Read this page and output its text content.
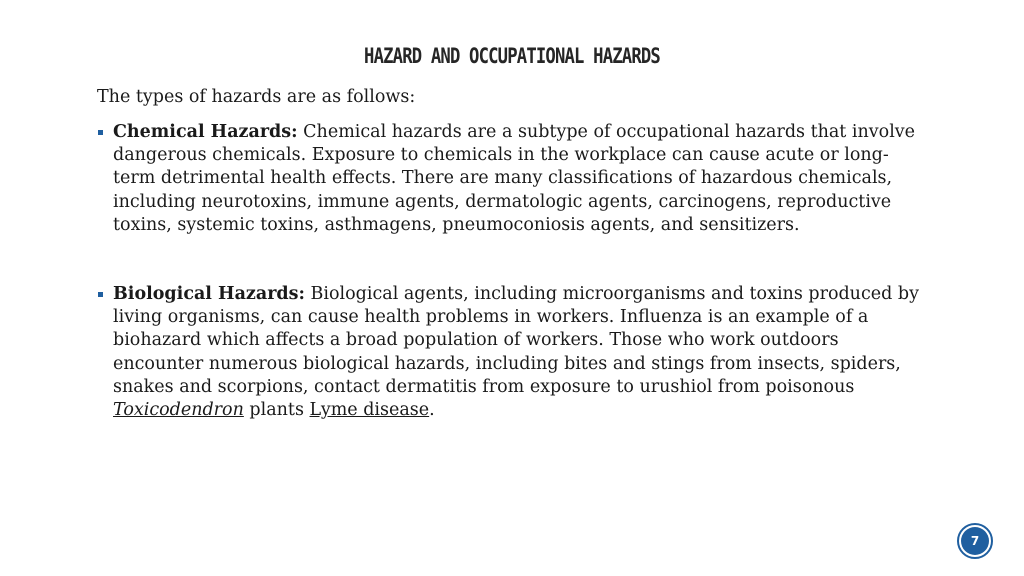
HAZARD AND OCCUPATIONAL HAZARDS
The types of hazards are as follows:
Chemical Hazards: Chemical hazards are a subtype of occupational hazards that involve dangerous chemicals. Exposure to chemicals in the workplace can cause acute or long-term detrimental health effects. There are many classifications of hazardous chemicals, including neurotoxins, immune agents, dermatologic agents, carcinogens, reproductive toxins, systemic toxins, asthmagens, pneumoconiosis agents, and sensitizers.
Biological Hazards: Biological agents, including microorganisms and toxins produced by living organisms, can cause health problems in workers. Influenza is an example of a biohazard which affects a broad population of workers. Those who work outdoors encounter numerous biological hazards, including bites and stings from insects, spiders, snakes and scorpions, contact dermatitis from exposure to urushiol from poisonous Toxicodendron plants Lyme disease.
7
